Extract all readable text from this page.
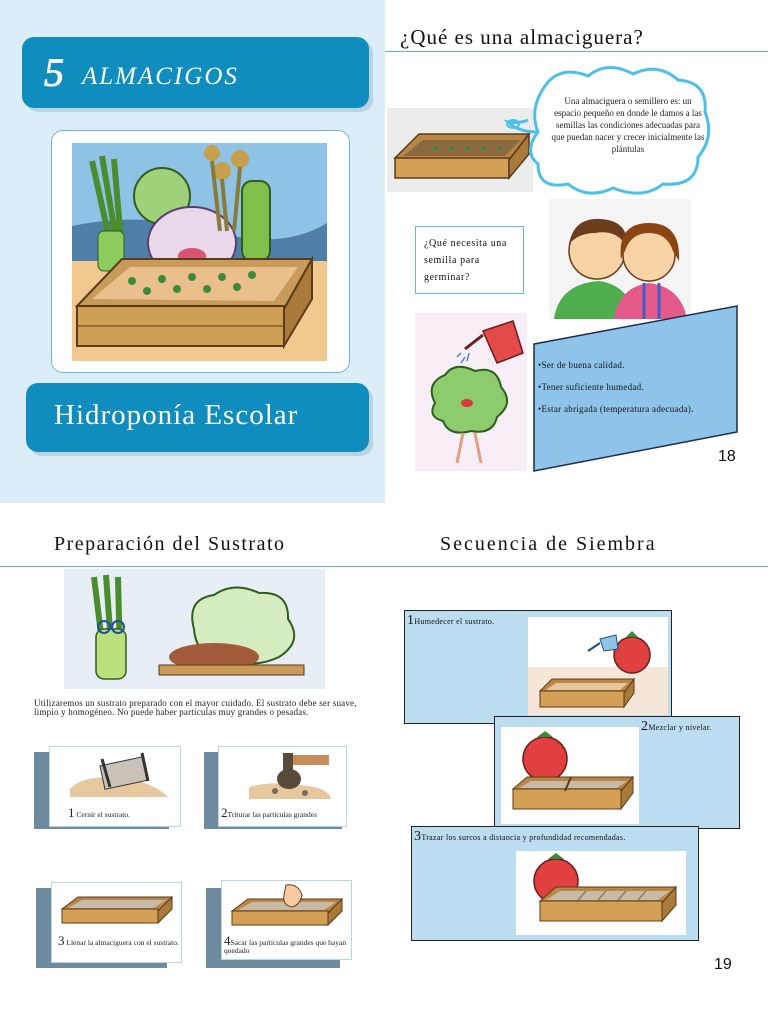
5 ALMACIGOS
Hidroponía Escolar
¿Qué es una almaciguera?
Una almaciguera o semillero es: un espacio pequeño en donde le damos a las semillas las condiciones adecuadas para que puedan nacer y crecer inicialmente las plántulas
¿Qué necesita una semilla para germinar?
•Ser de buena calidad.
•Tener suficiente humedad.
•Estar abrigada (temperatura adecuada).
18
Preparación del Sustrato
Utilizaremos un sustrato preparado con el mayor cuidado. El sustrato debe ser suave, limpio y homogéneo. No puede haber partículas muy grandes o pesadas.
1 Cernir el sustrato.	2Triturar las partículas grandes
3 Llenar la almaciguera con el sustrato.	4Sacar las partículas grandes que hayan quedado
Secuencia de Siembra
1Humedecer el sustrato.
2Mezclar y nivelar.
3Trazar los surcos a distancia y profundidad recomendadas.
19
